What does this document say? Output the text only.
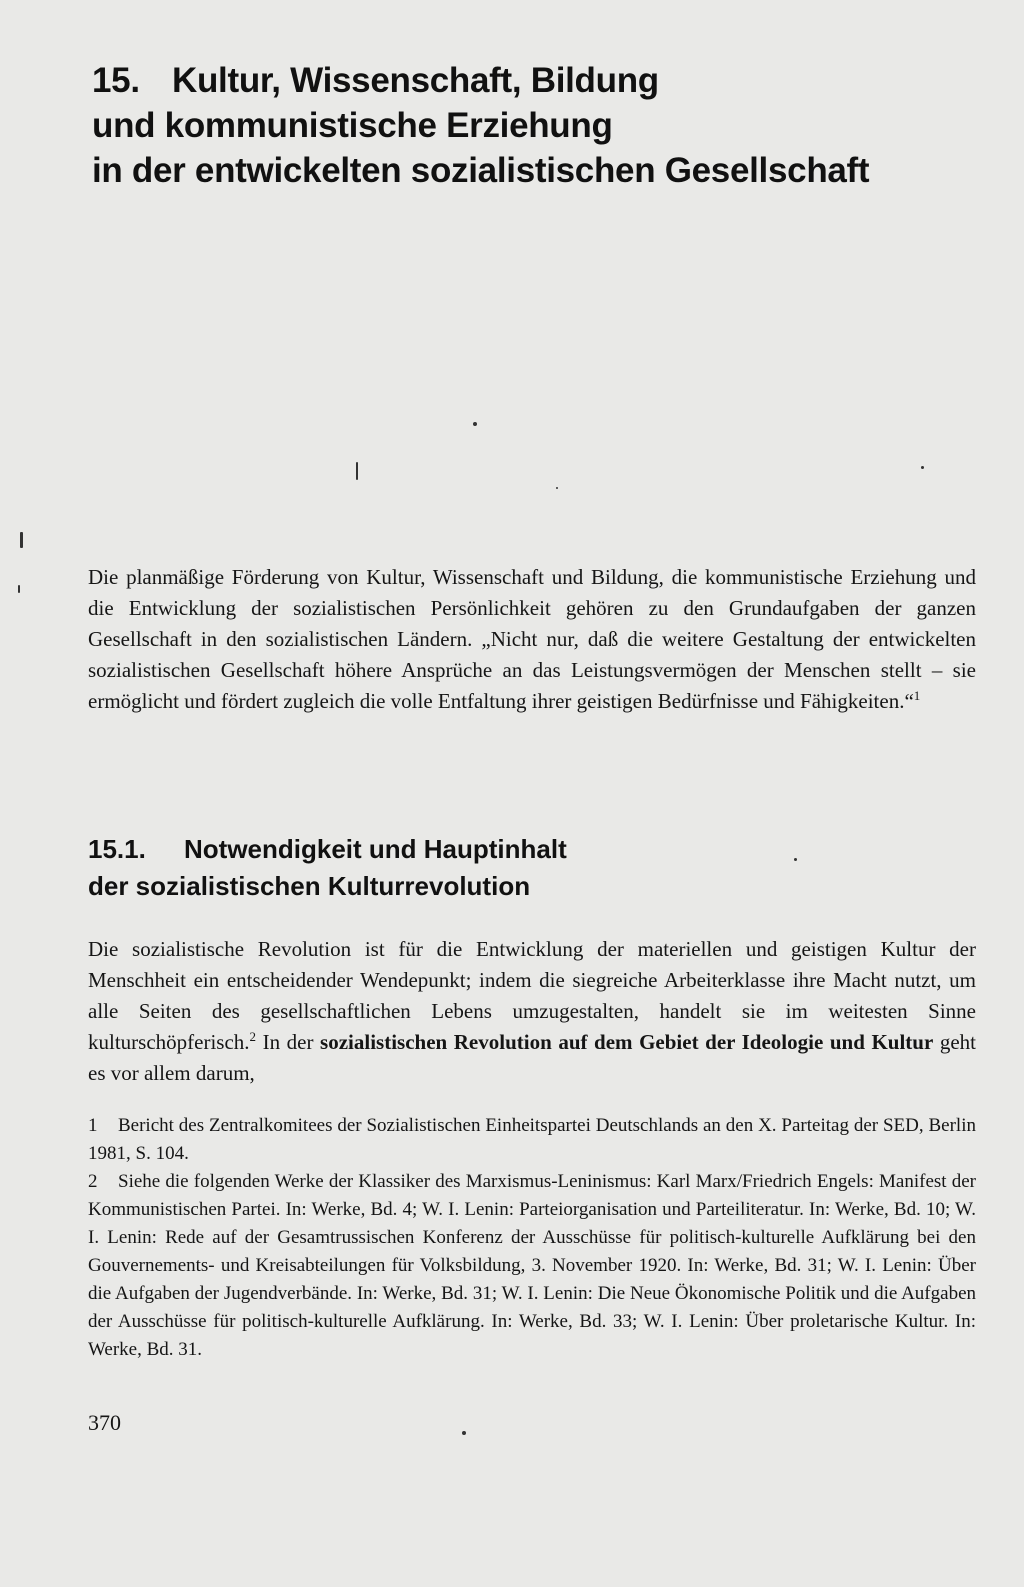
15. Kultur, Wissenschaft, Bildung
und kommunistische Erziehung
in der entwickelten sozialistischen Gesellschaft

Die planmäßige Förderung von Kultur, Wissenschaft und Bildung, die kommunistische Erziehung und die Entwicklung der sozialistischen Persönlichkeit gehören zu den Grundaufgaben der ganzen Gesellschaft in den sozialistischen Ländern. „Nicht nur, daß die weitere Gestaltung der entwickelten sozialistischen Gesellschaft höhere Ansprüche an das Leistungsvermögen der Menschen stellt – sie ermöglicht und fördert zugleich die volle Entfaltung ihrer geistigen Bedürfnisse und Fähigkeiten.“$^1$

15.1. Notwendigkeit und Hauptinhalt
der sozialistischen Kulturrevolution

Die sozialistische Revolution ist für die Entwicklung der materiellen und geistigen Kultur der Menschheit ein entscheidender Wendepunkt; indem die siegreiche Arbeiterklasse ihre Macht nutzt, um alle Seiten des gesellschaftlichen Lebens umzugestalten, handelt sie im weitesten Sinne kulturschöpferisch.$^2$ In der sozialistischen Revolution auf dem Gebiet der Ideologie und Kultur geht es vor allem darum,

1 Bericht des Zentralkomitees der Sozialistischen Einheitspartei Deutschlands an den X. Parteitag der SED, Berlin 1981, S. 104.
2 Siehe die folgenden Werke der Klassiker des Marxismus-Leninismus: Karl Marx/Friedrich Engels: Manifest der Kommunistischen Partei. In: Werke, Bd. 4; W. I. Lenin: Parteiorganisation und Parteiliteratur. In: Werke, Bd. 10; W. I. Lenin: Rede auf der Gesamtrussischen Konferenz der Ausschüsse für politisch-kulturelle Aufklärung bei den Gouvernements- und Kreisabteilungen für Volksbildung, 3. November 1920. In: Werke, Bd. 31; W. I. Lenin: Über die Aufgaben der Jugendverbände. In: Werke, Bd. 31; W. I. Lenin: Die Neue Ökonomische Politik und die Aufgaben der Ausschüsse für politisch-kulturelle Aufklärung. In: Werke, Bd. 33; W. I. Lenin: Über proletarische Kultur. In: Werke, Bd. 31.
370
